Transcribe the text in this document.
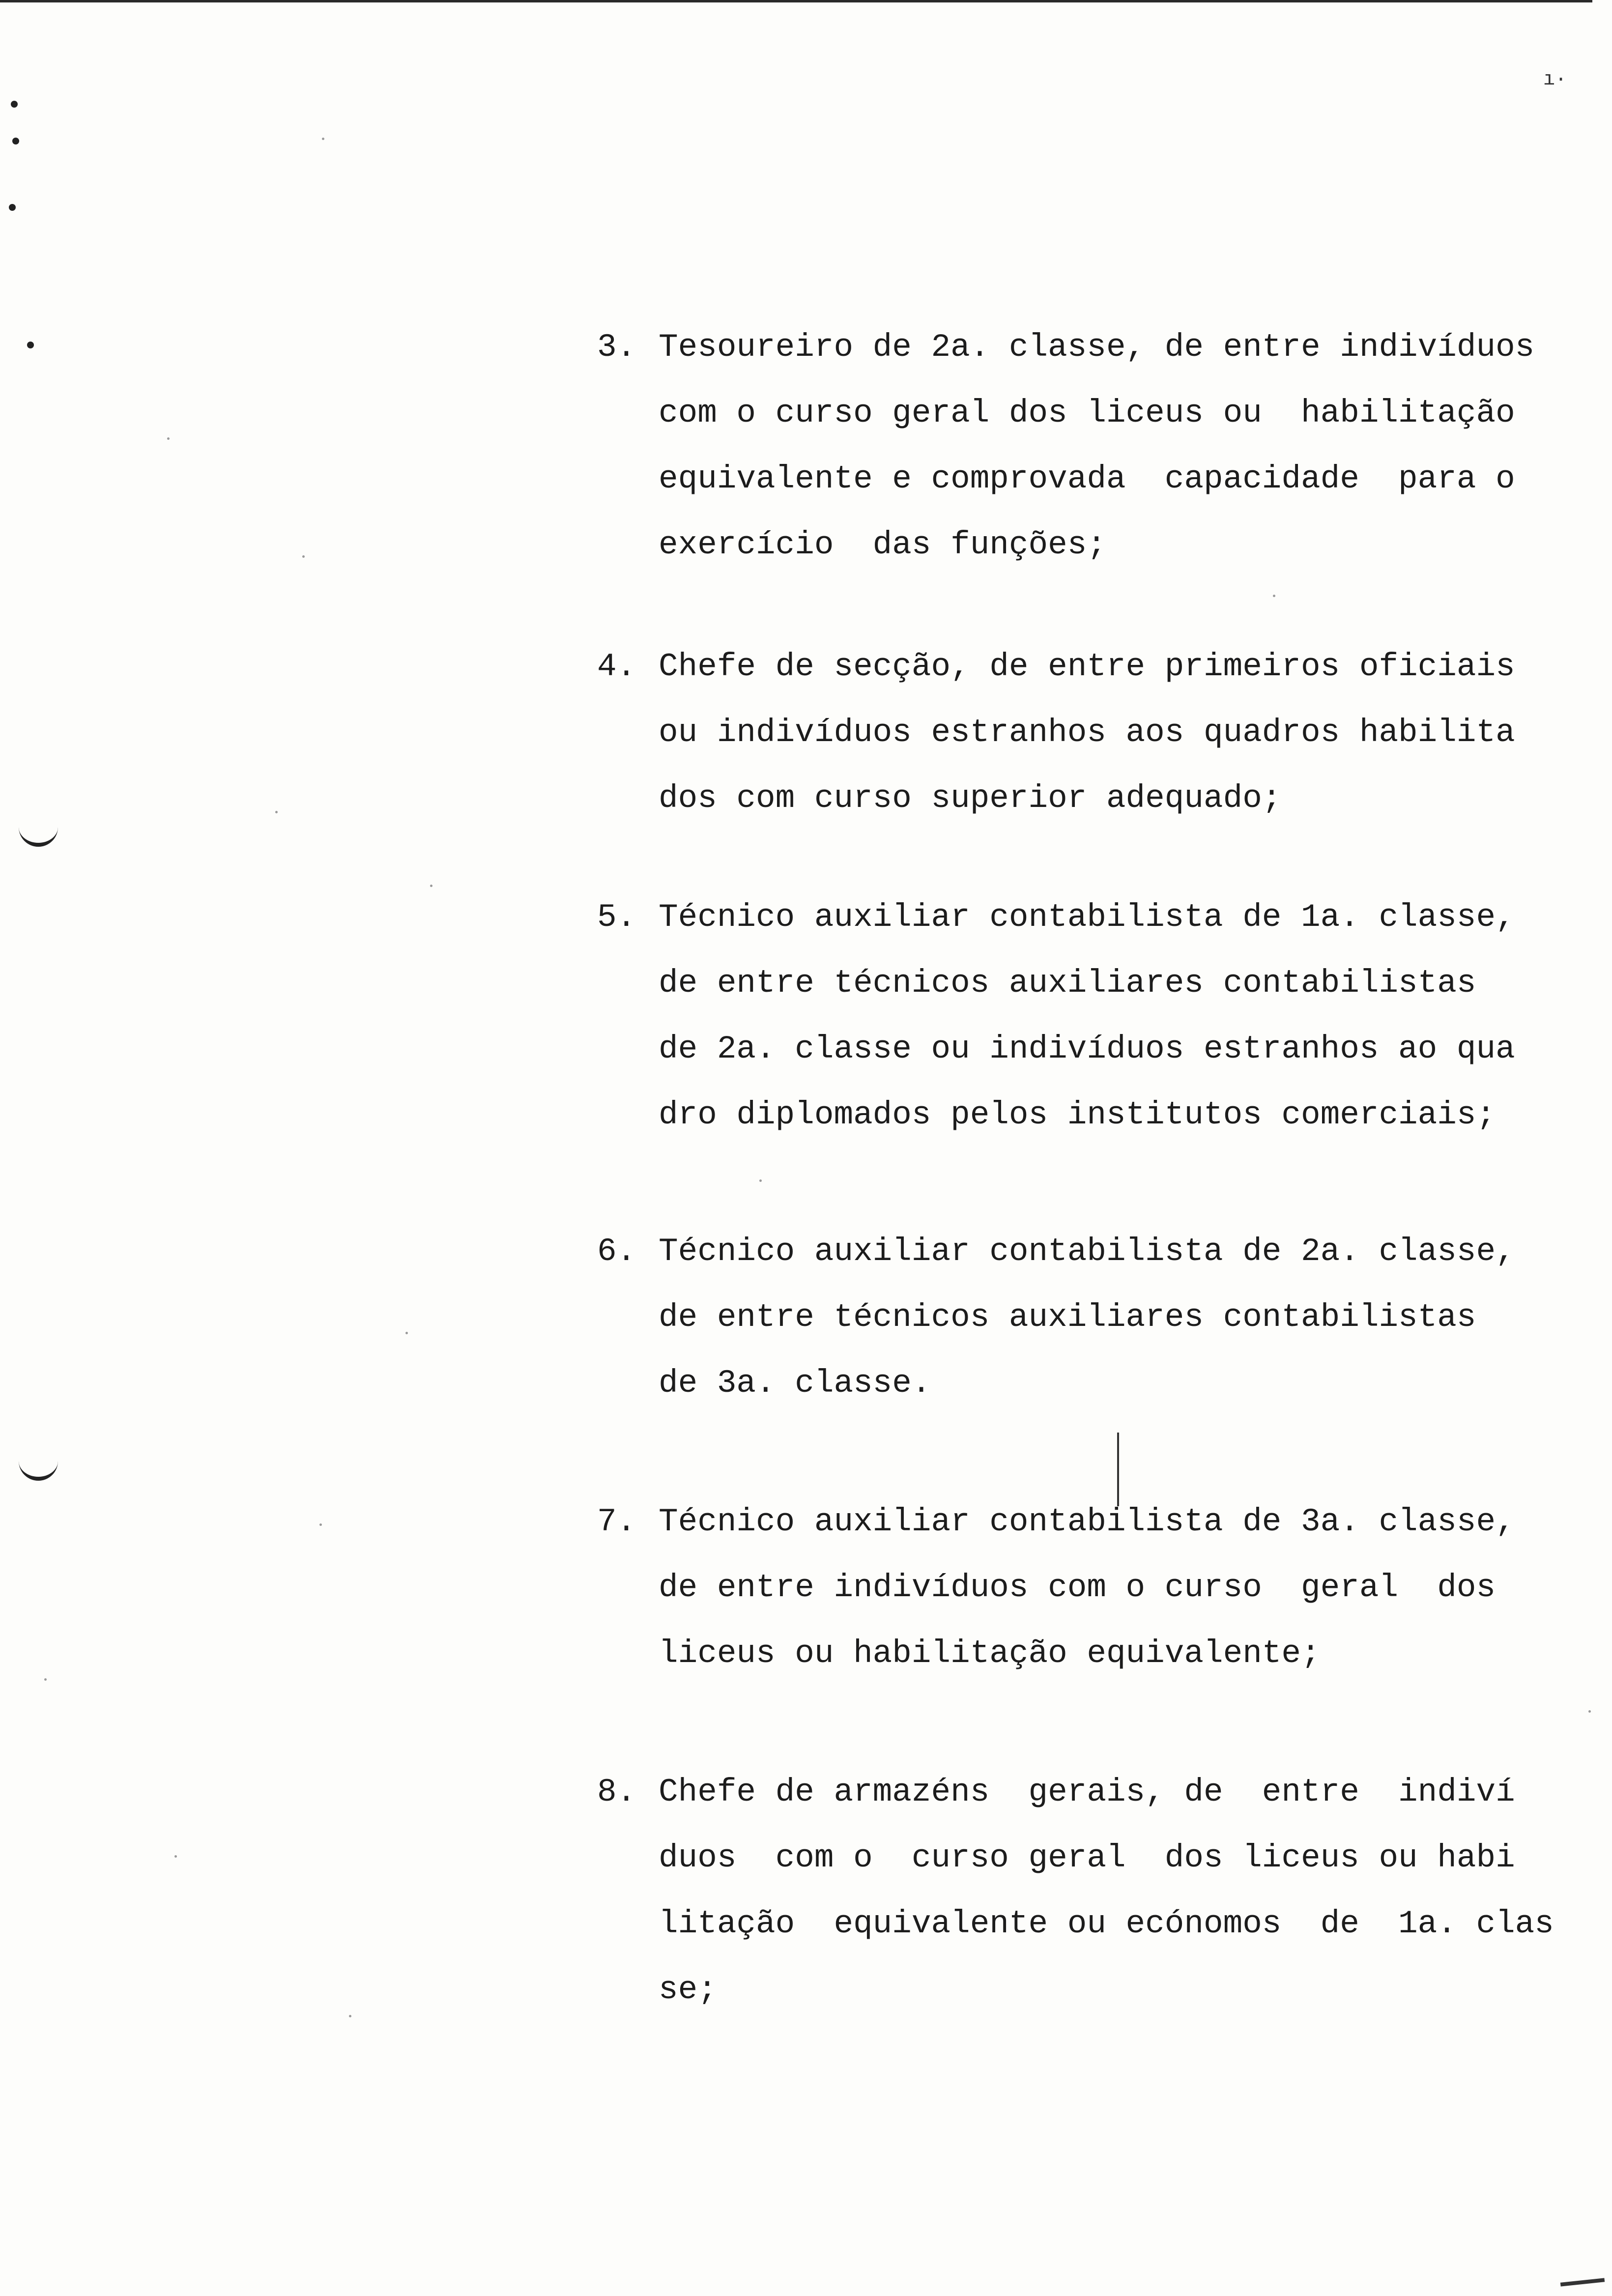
ı·
3. Tesoureiro de 2a. classe, de entre indivíduos
com o curso geral dos liceus ou  habilitação
equivalente e comprovada  capacidade  para o
exercício  das funções;
4. Chefe de secção, de entre primeiros oficiais
ou indivíduos estranhos aos quadros habilita
dos com curso superior adequado;
5. Técnico auxiliar contabilista de 1a. classe,
de entre técnicos auxiliares contabilistas
de 2a. classe ou indivíduos estranhos ao qua
dro diplomados pelos institutos comerciais;
6. Técnico auxiliar contabilista de 2a. classe,
de entre técnicos auxiliares contabilistas
de 3a. classe.
7. Técnico auxiliar contabilista de 3a. classe,
de entre indivíduos com o curso  geral  dos
liceus ou habilitação equivalente;
8. Chefe de armazéns  gerais, de  entre  indiví
duos  com o  curso geral  dos liceus ou habi
litação  equivalente ou ecónomos  de  1a. clas
se;
